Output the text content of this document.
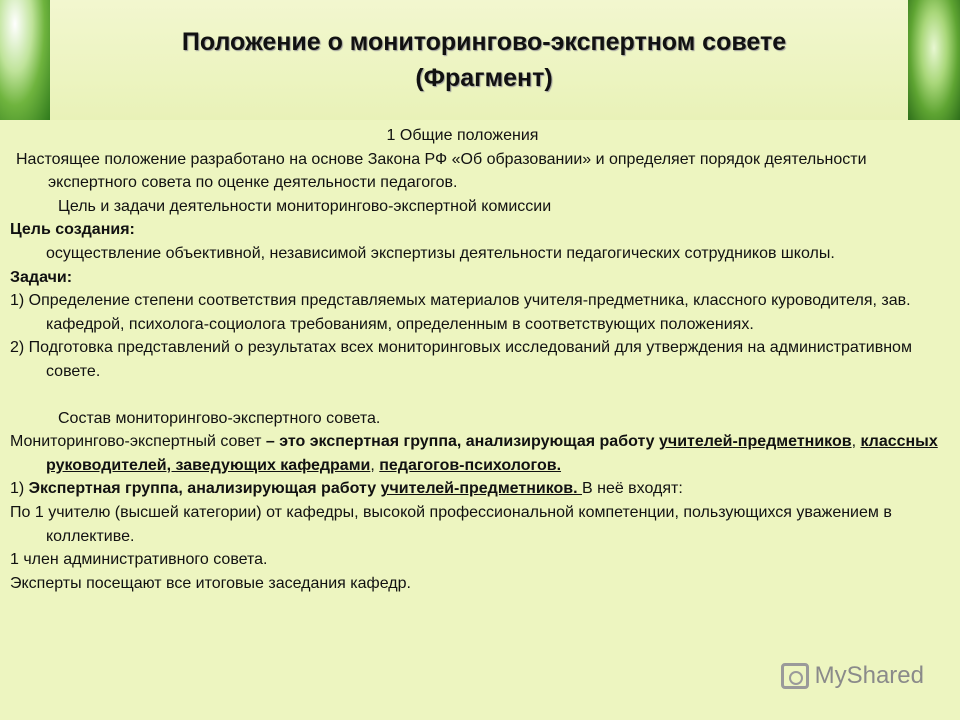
Положение о мониторингово-экспертном совете
(Фрагмент)

1 Общие положения

Настоящее положение разработано на основе Закона РФ «Об образовании» и определяет порядок деятельности экспертного совета по оценке деятельности педагогов.

Цель и задачи деятельности мониторингово-экспертной комиссии

Цель создания:

осуществление объективной, независимой экспертизы деятельности педагогических сотрудников школы.

Задачи:

1) Определение степени соответствия представляемых материалов учителя-предметника, классного куроводителя, зав. кафедрой, психолога-социолога требованиям, определенным в соответствующих положениях.

2) Подготовка представлений о результатах всех мониторинговых исследований для утверждения на административном совете.

Состав мониторингово-экспертного совета.

Мониторингово-экспертный совет – это экспертная группа, анализирующая работу учителей-предметников, классных руководителей, заведующих кафедрами, педагогов-психологов.

1) Экспертная группа, анализирующая работу учителей-предметников. В неё входят:

По 1 учителю (высшей категории) от кафедры, высокой профессиональной компетенции, пользующихся уважением в коллективе.

1 член административного совета.

Эксперты посещают все итоговые заседания кафедр.

MyShared
